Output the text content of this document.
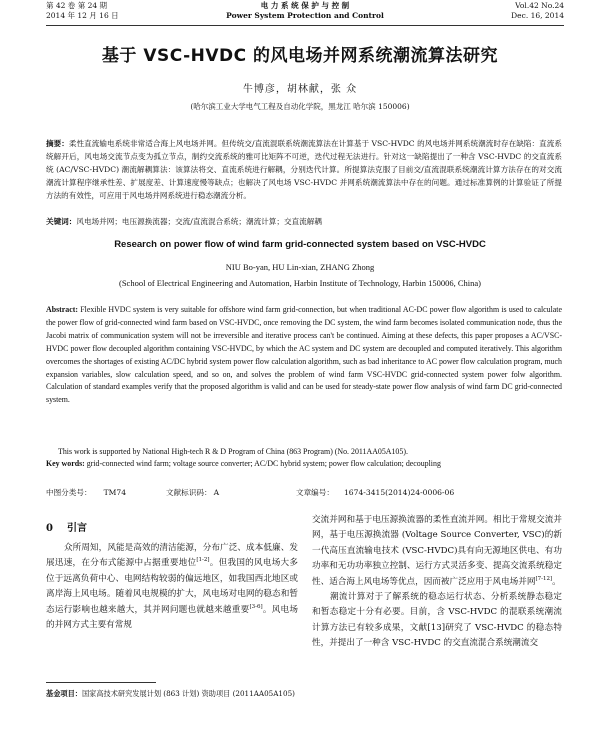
第 42 卷 第 24 期
2014 年 12 月 16 日
电 力 系 统 保 护 与 控 制
Power System Protection and Control
Vol.42 No.24
Dec. 16, 2014
基于 VSC-HVDC 的风电场并网系统潮流算法研究
牛博彦，胡林献，张 众
(哈尔滨工业大学电气工程及自动化学院，黑龙江 哈尔滨 150006)
摘要：柔性直流输电系统非常适合海上风电场并网。但传统交/直流混联系统潮流算法在计算基于 VSC-HVDC 的风电场并网系统潮流时存在缺陷：直流系统解开后，风电场交流节点变为孤立节点，制约交流系统的雅可比矩阵不可逆，迭代过程无法进行。针对这一缺陷提出了一种含 VSC-HVDC 的交直流系统 (AC/VSC-HVDC) 潮流解耦算法：该算法将交、直流系统进行解耦，分别迭代计算。所提算法克服了目前交/直流混联系统潮流计算方法存在的对交流潮流计算程序继承性差、扩展度差、计算速度慢等缺点；也解决了风电场 VSC-HVDC 并网系统潮流算法中存在的问题。通过标准算例的计算验证了所提方法的有效性，可应用于风电场并网系统进行稳态潮流分析。
关键词：风电场并网；电压源换流器；交流/直流混合系统；潮流计算；交直流解耦
Research on power flow of wind farm grid-connected system based on VSC-HVDC
NIU Bo-yan, HU Lin-xian, ZHANG Zhong
(School of Electrical Engineering and Automation, Harbin Institute of Technology, Harbin 150006, China)
Abstract: Flexible HVDC system is very suitable for offshore wind farm grid-connection, but when traditional AC-DC power flow algorithm is used to calculate the power flow of grid-connected wind farm based on VSC-HVDC, once removing the DC system, the wind farm becomes isolated communication node, thus the Jacobi matrix of communication system will not be irreversible and iterative process can't be continued. Aiming at these defects, this paper proposes a AC/VSC-HVDC power flow decoupled algorithm containing VSC-HVDC, by which the AC system and DC system are decoupled and computed iteratively. This algorithm overcomes the shortages of existing AC/DC hybrid system power flow calculation algorithm, such as bad inheritance to AC power flow calculation program, much expansion variables, slow calculation speed, and so on, and solves the problem of wind farm VSC-HVDC grid-connected system power folw algorithm. Calculation of standard examples verify that the proposed algorithm is valid and can be used for steady-state power flow analysis of wind farm DC grid-connected system.
This work is supported by National High-tech R & D Program of China (863 Program) (No. 2011AA05A105).
Key words: grid-connected wind farm; voltage source converter; AC/DC hybrid system; power flow calculation; decoupling
中图分类号： TM74	文献标识码： A	文章编号： 1674-3415(2014)24-0006-06
0 引言
众所周知，风能是高效的清洁能源，分布广泛、成本低廉、发展迅速，在分布式能源中占据重要地位[1-2]。但我国的风电场大多位于远离负荷中心、电网结构较弱的偏远地区，如我国西北地区或离岸海上风电场。随着风电规模的扩大，风电场对电网的稳态和暂态运行影响也越来越大，其并网问题也就越来越重要[3-6]。风电场的并网方式主要有常规
基金项目：国家高技术研究发展计划 (863 计划) 资助项目 (2011AA05A105)

交流并网和基于电压源换流器的柔性直流并网。相比于常规交流并网，基于电压源换流器 (Voltage Source Converter, VSC)的新一代高压直流输电技术 (VSC-HVDC)具有向无源地区供电、有功功率和无功功率独立控制、运行方式灵活多变、提高交流系统稳定性、适合海上风电场等优点，因而被广泛应用于风电场并网[7-12]。

潮流计算对于了解系统的稳态运行状态、分析系统静态稳定和暂态稳定十分有必要。目前，含 VSC-HVDC 的混联系统潮流计算方法已有较多成果，文献[13]研究了 VSC-HVDC 的稳态特性，并提出了一种含 VSC-HVDC 的交直流混合系统潮流交
